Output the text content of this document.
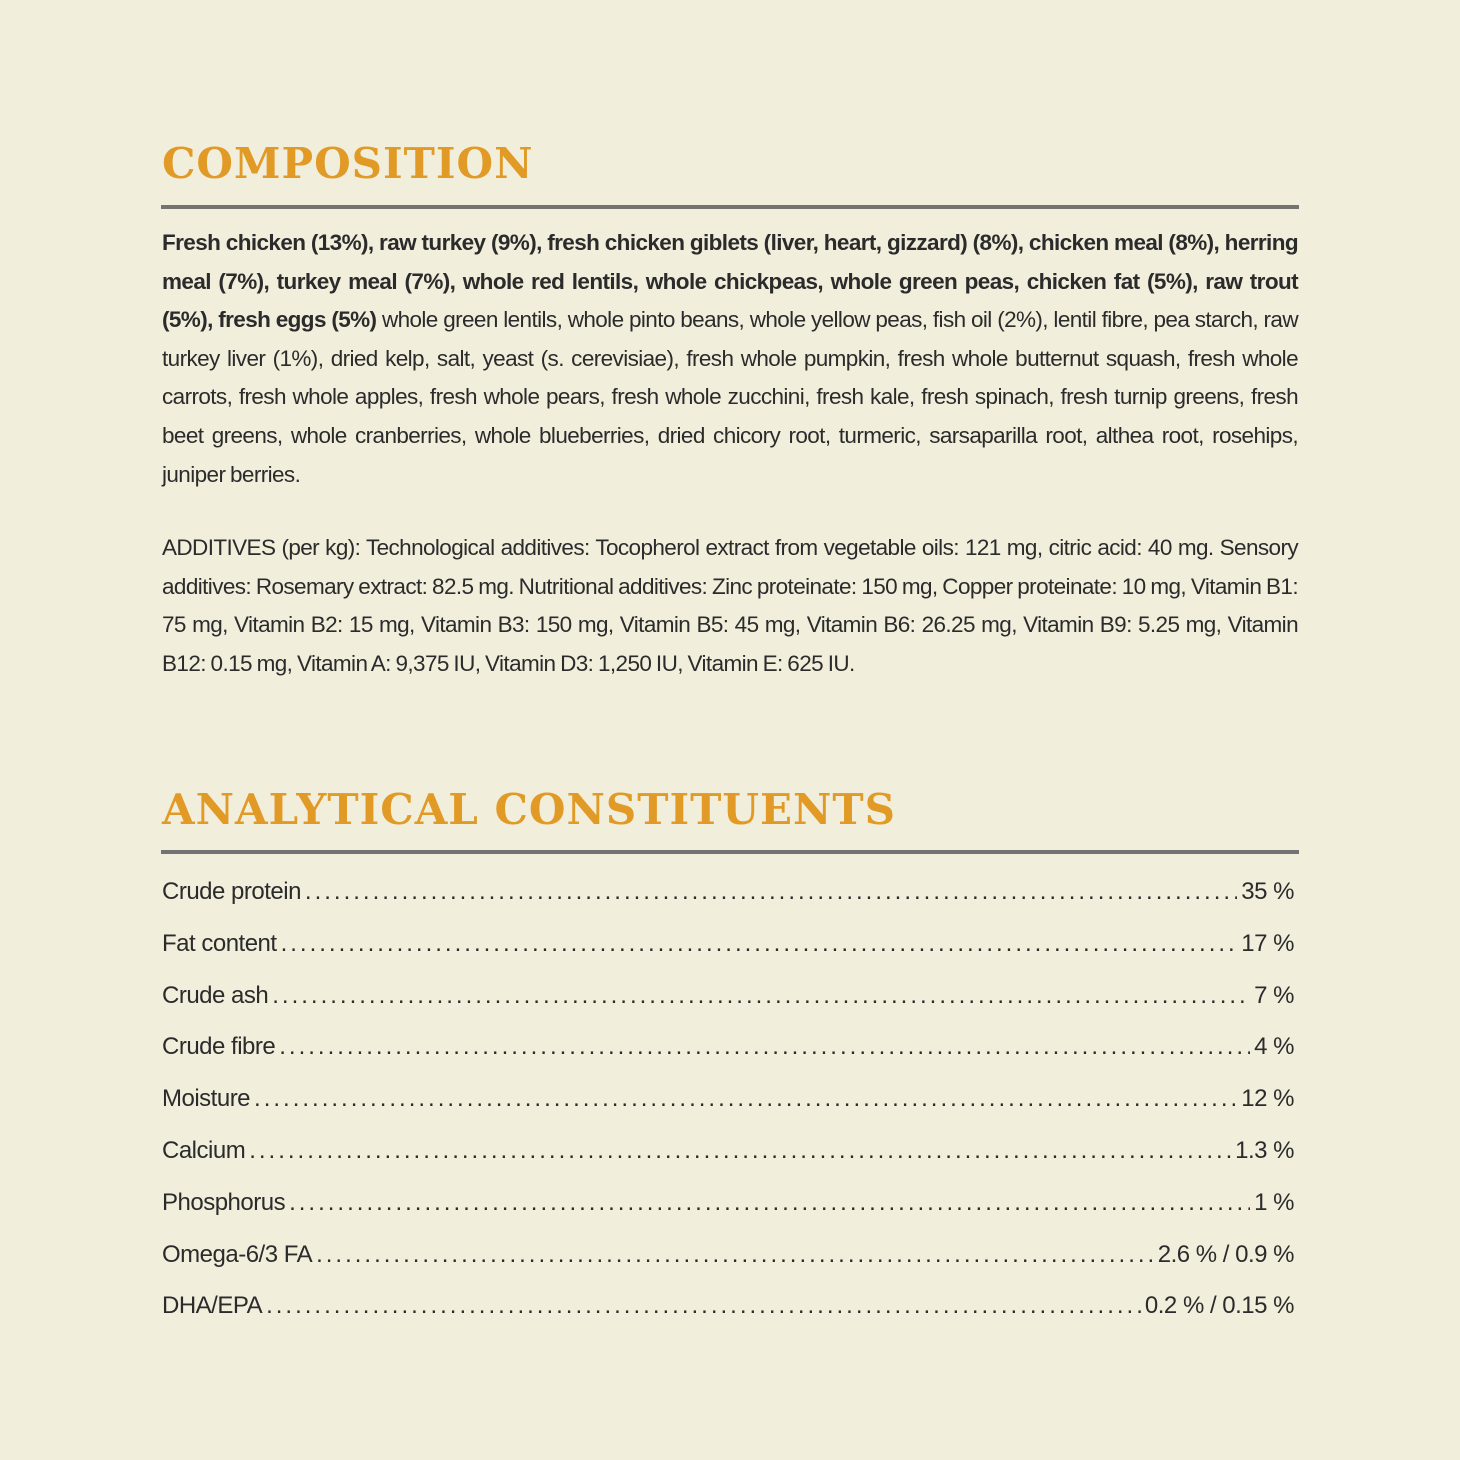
COMPOSITION

Fresh chicken (13%), raw turkey (9%), fresh chicken giblets (liver, heart, gizzard) (8%), chicken meal (8%), herring meal (7%), turkey meal (7%), whole red lentils, whole chickpeas, whole green peas, chicken fat (5%), raw trout (5%), fresh eggs (5%) whole green lentils, whole pinto beans, whole yellow peas, fish oil (2%), lentil fibre, pea starch, raw turkey liver (1%), dried kelp, salt, yeast (s. cerevisiae), fresh whole pumpkin, fresh whole butternut squash, fresh whole carrots, fresh whole apples, fresh whole pears, fresh whole zucchini, fresh kale, fresh spinach, fresh turnip greens, fresh beet greens, whole cranberries, whole blueberries, dried chicory root, turmeric, sarsaparilla root, althea root, rosehips, juniper berries.

ADDITIVES (per kg): Technological additives: Tocopherol extract from vegetable oils: 121 mg, citric acid: 40 mg. Sensory additives: Rosemary extract: 82.5 mg. Nutritional additives: Zinc proteinate: 150 mg, Copper proteinate: 10 mg, Vitamin B1: 75 mg, Vitamin B2: 15 mg, Vitamin B3: 150 mg, Vitamin B5: 45 mg, Vitamin B6: 26.25 mg, Vitamin B9: 5.25 mg, Vitamin B12: 0.15 mg, Vitamin A: 9,375 IU, Vitamin D3: 1,250 IU, Vitamin E: 625 IU.

ANALYTICAL CONSTITUENTS
Crude protein .....	35 %
Fat content .....	17 %
Crude ash .....	7 %
Crude fibre .....	4 %
Moisture .....	12 %
Calcium .....	1.3 %
Phosphorus .....	1 %
Omega-6/3 FA .....	2.6 % / 0.9 %
DHA/EPA .....	0.2 % / 0.15 %
